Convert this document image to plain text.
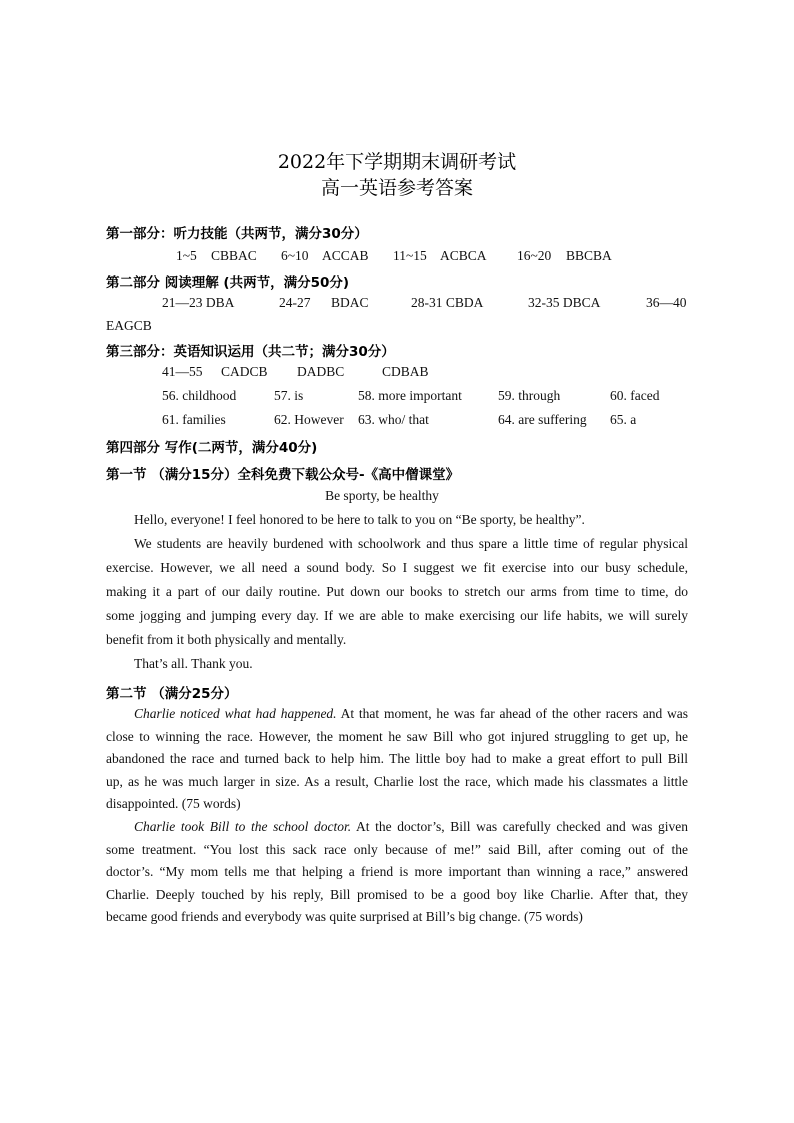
2022年下学期期末调研考试
高一英语参考答案
第一部分：听力技能（共两节，满分30分）
1~5 CBBAC 6~10 ACCAB 11~15 ACBCA 16~20 BBCBA
第二部分 阅读理解 (共两节，满分50分)
21—23 DBA	24-27 BDAC	28-31 CBDA	32-35 DBCA	36—40
EAGCB
第三部分：英语知识运用（共二节；满分30分）
41—55 CADCB DADBC	CDBAB
56. childhood	57. is	58. more important	59. through	60. faced
61. families	62. However 63. who/ that	64. are suffering 65. a
第四部分 写作(二两节，满分40分)
第一节 （满分15分）全科免费下载公众号-《高中僧课堂》
Be sporty, be healthy
Hello, everyone! I feel honored to be here to talk to you on “Be sporty, be healthy”.
We students are heavily burdened with schoolwork and thus spare a little time of regular physical
exercise. However, we all need a sound body. So I suggest we fit exercise into our busy schedule,
making it a part of our daily routine. Put down our books to stretch our arms from time to time, do
some jogging and jumping every day. If we are able to make exercising our life habits, we will surely
benefit from it both physically and mentally.
That’s all. Thank you.
第二节 （满分25分）
Charlie noticed what had happened. At that moment, he was far ahead of the other racers and was
close to winning the race. However, the moment he saw Bill who got injured struggling to get up, he
abandoned the race and turned back to help him. The little boy had to make a great effort to pull Bill
up, as he was much larger in size. As a result, Charlie lost the race, which made his classmates a little
disappointed. (75 words)
Charlie took Bill to the school doctor. At the doctor’s, Bill was carefully checked and was given
some treatment. “You lost this sack race only because of me!” said Bill, after coming out of the
doctor’s. “My mom tells me that helping a friend is more important than winning a race,” answered
Charlie. Deeply touched by his reply, Bill promised to be a good boy like Charlie. After that, they
became good friends and everybody was quite surprised at Bill’s big change. (75 words)
